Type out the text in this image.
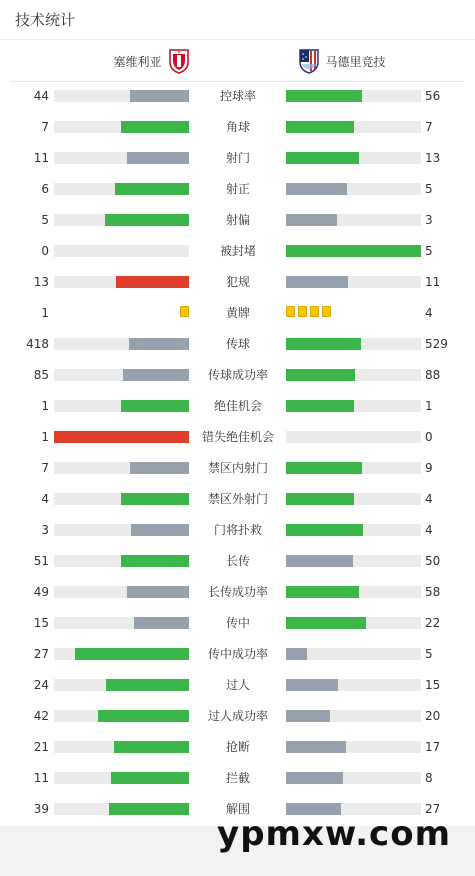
技术统计
塞维利亚	马德里竞技
44	控球率	56
7	角球	7
11	射门	13
6	射正	5
5	射偏	3
0	被封堵	5
13	犯规	11
1	黄牌	4
418	传球	529
85	传球成功率	88
1	绝佳机会	1
1	错失绝佳机会	0
7	禁区内射门	9
4	禁区外射门	4
3	门将扑救	4
51	长传	50
49	长传成功率	58
15	传中	22
27	传中成功率	5
24	过人	15
42	过人成功率	20
21	抢断	17
11	拦截	8
39	解围	27
ypmxw.com
